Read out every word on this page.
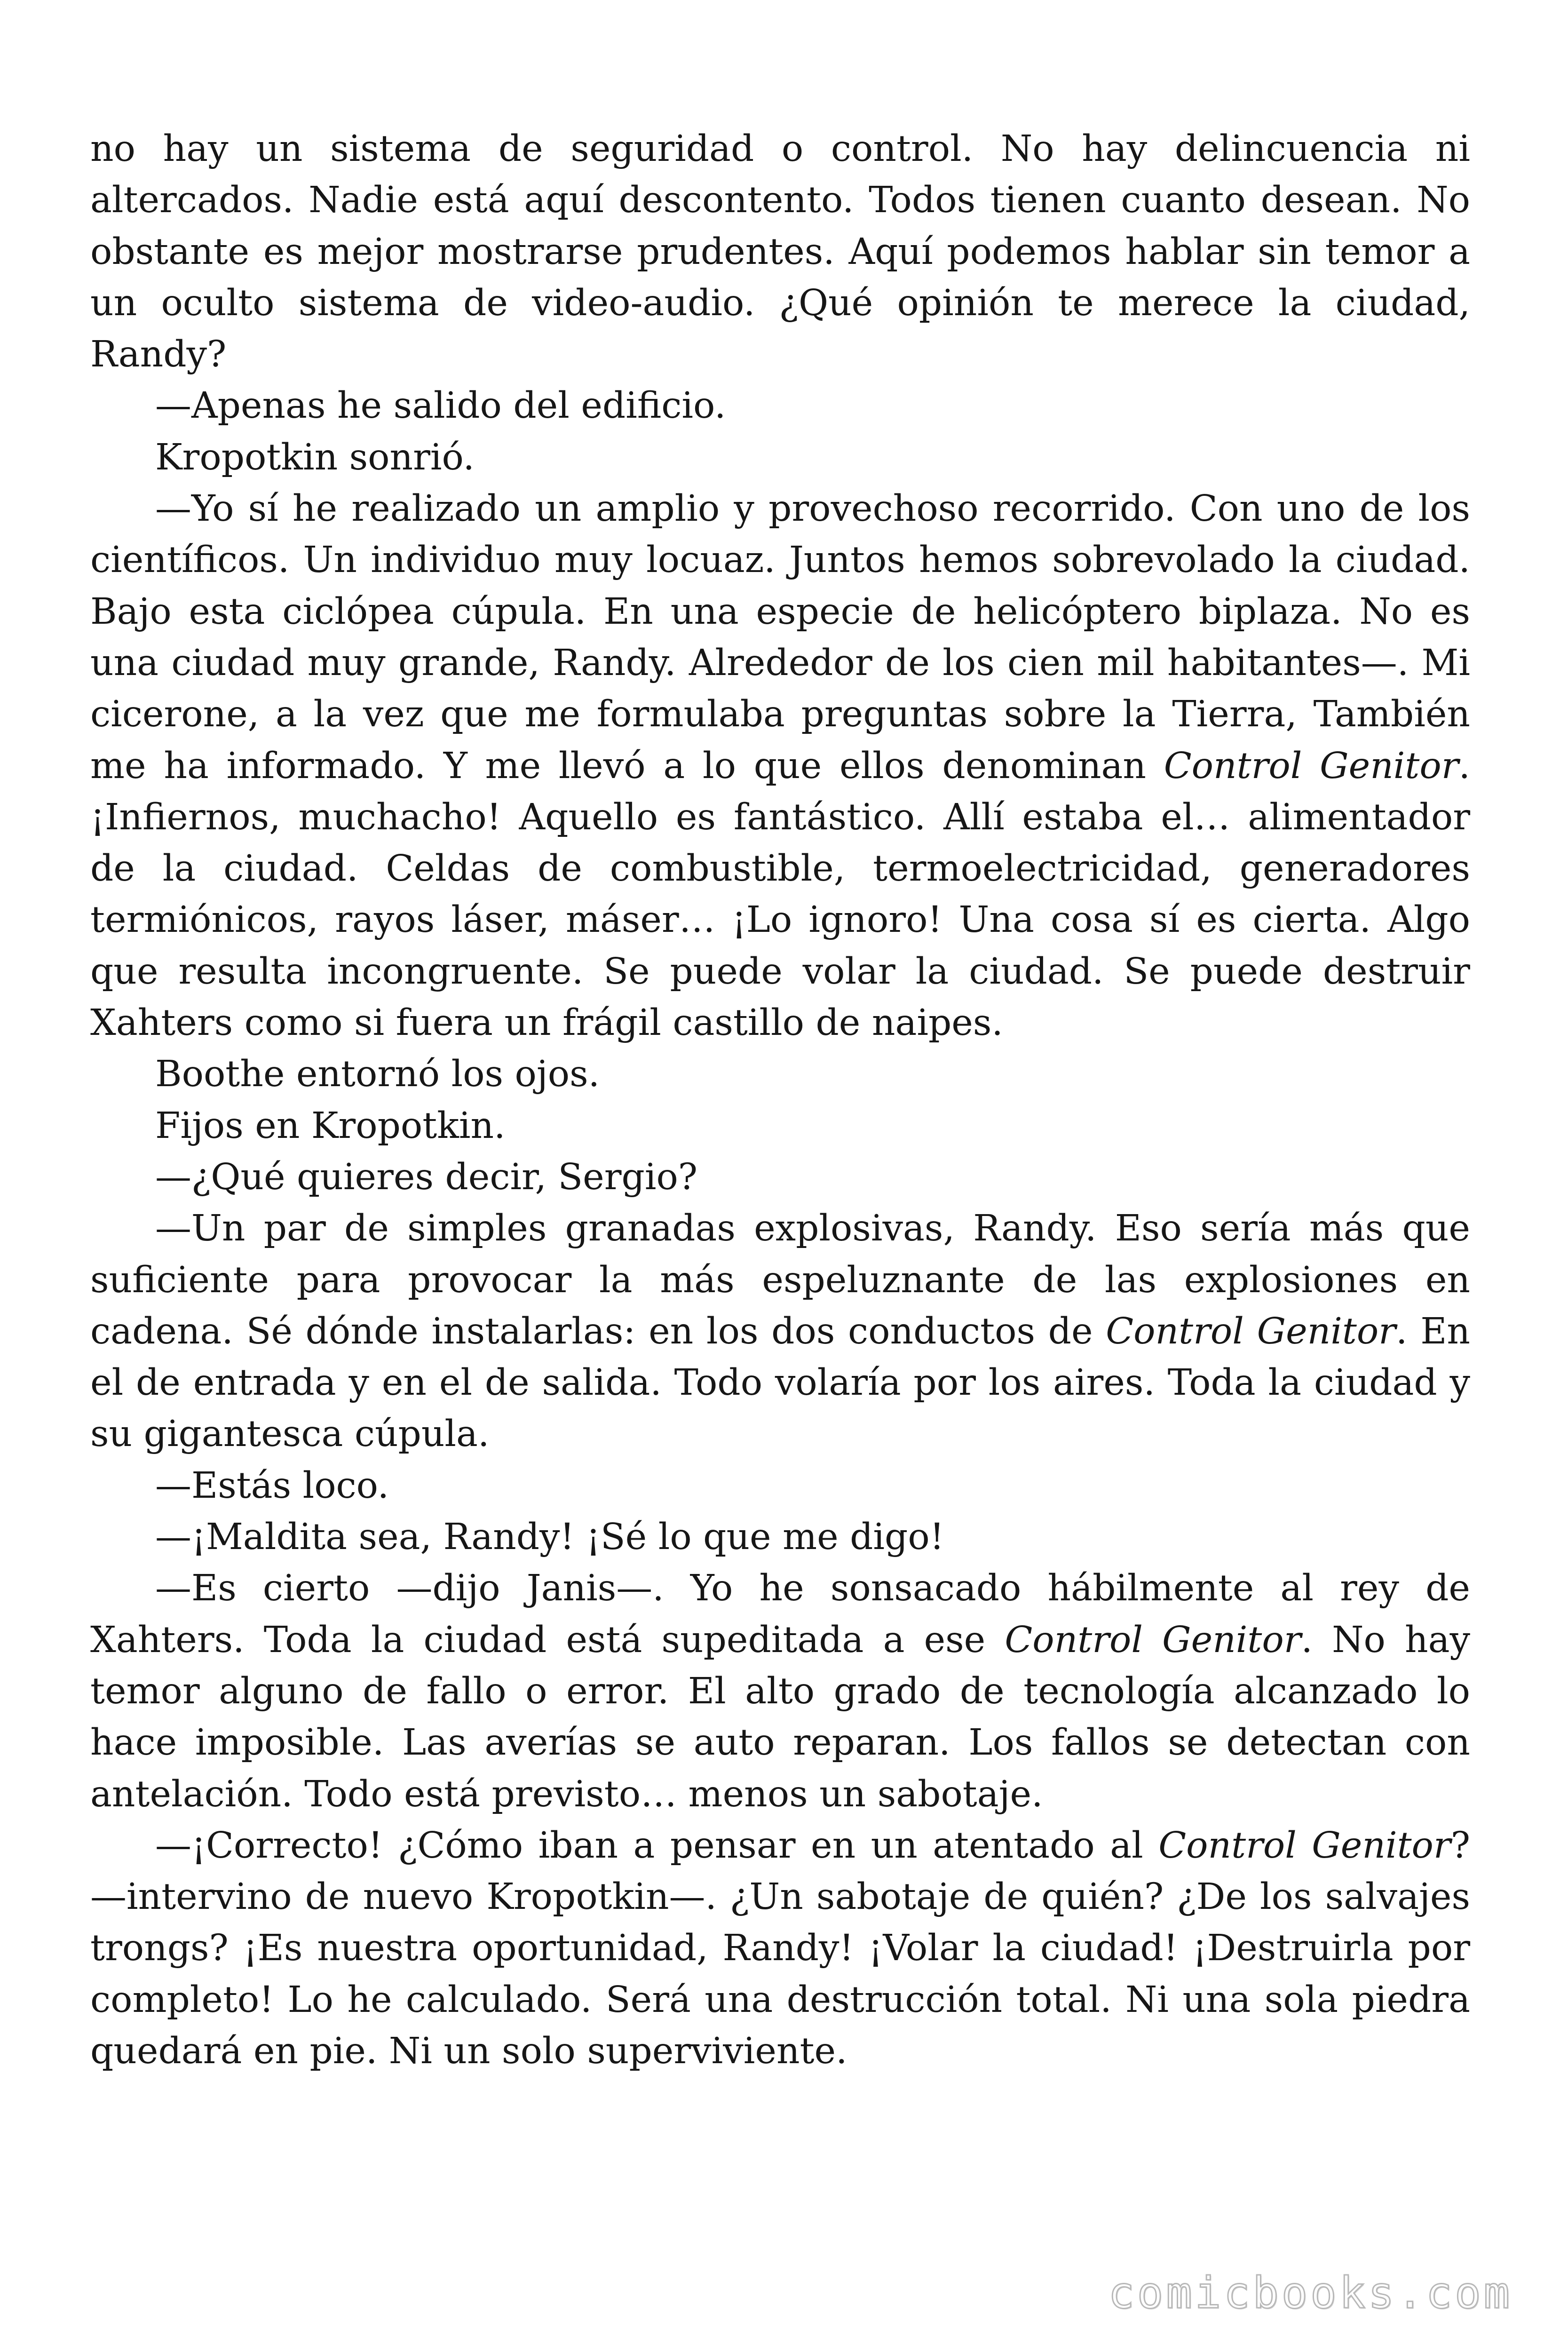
no hay un sistema de seguridad o control. No hay delincuencia ni altercados. Nadie está aquí descontento. Todos tienen cuanto desean. No obstante es mejor mostrarse prudentes. Aquí podemos hablar sin temor a un oculto sistema de video-audio. ¿Qué opinión te merece la ciudad, Randy?

—Apenas he salido del edificio.

Kropotkin sonrió.

—Yo sí he realizado un amplio y provechoso recorrido. Con uno de los científicos. Un individuo muy locuaz. Juntos hemos sobrevolado la ciudad. Bajo esta ciclópea cúpula. En una especie de helicóptero biplaza. No es una ciudad muy grande, Randy. Alrededor de los cien mil habitantes—. Mi cicerone, a la vez que me formulaba preguntas sobre la Tierra, También me ha informado. Y me llevó a lo que ellos denominan Control Genitor. ¡Infiernos, muchacho! Aquello es fantástico. Allí estaba el… alimentador de la ciudad. Celdas de combustible, termoelectricidad, generadores termiónicos, rayos láser, máser… ¡Lo ignoro! Una cosa sí es cierta. Algo que resulta incongruente. Se puede volar la ciudad. Se puede destruir Xahters como si fuera un frágil castillo de naipes.

Boothe entornó los ojos.

Fijos en Kropotkin.

—¿Qué quieres decir, Sergio?

—Un par de simples granadas explosivas, Randy. Eso sería más que suficiente para provocar la más espeluznante de las explosiones en cadena. Sé dónde instalarlas: en los dos conductos de Control Genitor. En el de entrada y en el de salida. Todo volaría por los aires. Toda la ciudad y su gigantesca cúpula.

—Estás loco.

—¡Maldita sea, Randy! ¡Sé lo que me digo!

—Es cierto —dijo Janis—. Yo he sonsacado hábilmente al rey de Xahters. Toda la ciudad está supeditada a ese Control Genitor. No hay temor alguno de fallo o error. El alto grado de tecnología alcanzado lo hace imposible. Las averías se auto reparan. Los fallos se detectan con antelación. Todo está previsto… menos un sabotaje.

—¡Correcto! ¿Cómo iban a pensar en un atentado al Control Genitor? —intervino de nuevo Kropotkin—. ¿Un sabotaje de quién? ¿De los salvajes trongs? ¡Es nuestra oportunidad, Randy! ¡Volar la ciudad! ¡Destruirla por completo! Lo he calculado. Será una destrucción total. Ni una sola piedra quedará en pie. Ni un solo superviviente.

comicbooks.com
